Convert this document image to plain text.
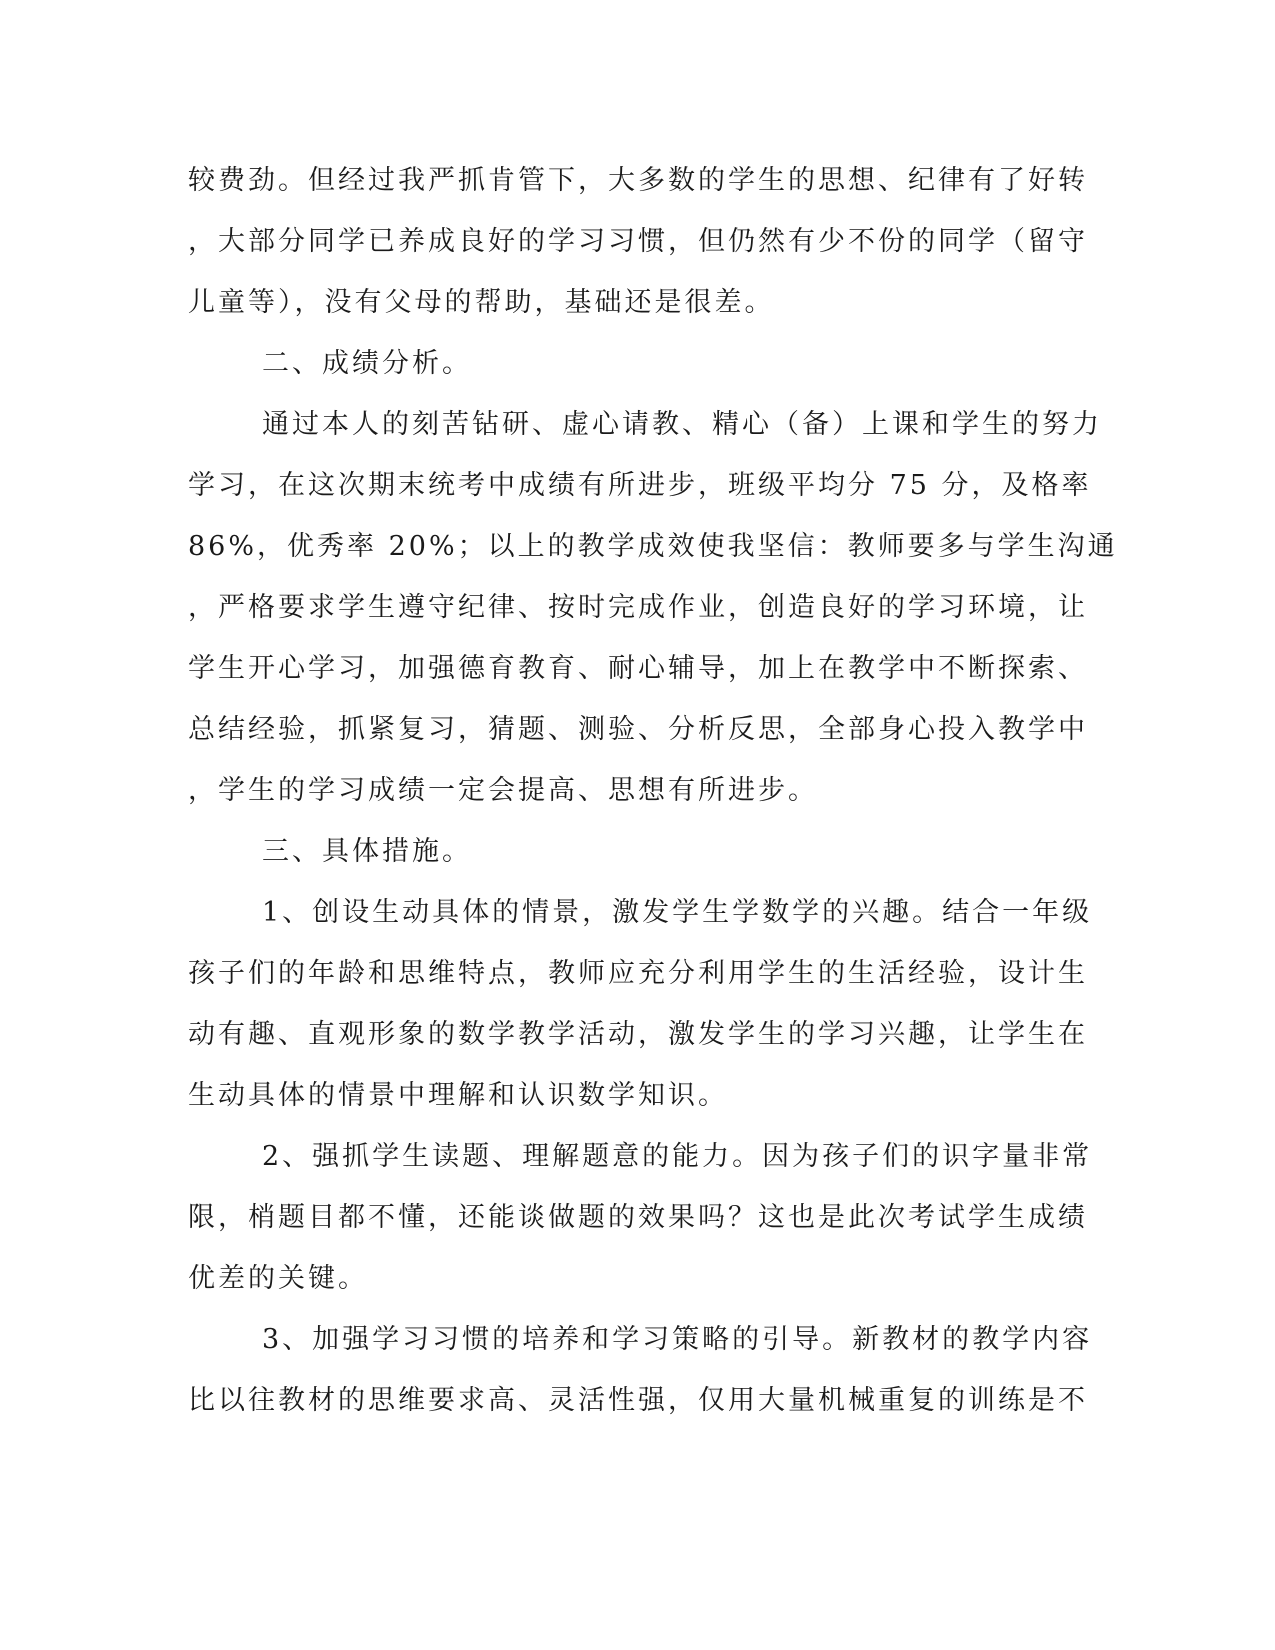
较费劲。但经过我严抓肯管下，大多数的学生的思想、纪律有了好转
，大部分同学已养成良好的学习习惯，但仍然有少不份的同学（留守
儿童等），没有父母的帮助，基础还是很差。
二、成绩分析。
通过本人的刻苦钻研、虚心请教、精心（备）上课和学生的努力
学习，在这次期末统考中成绩有所进步，班级平均分 75 分，及格率
86%，优秀率 20%；以上的教学成效使我坚信：教师要多与学生沟通
，严格要求学生遵守纪律、按时完成作业，创造良好的学习环境，让
学生开心学习，加强德育教育、耐心辅导，加上在教学中不断探索、
总结经验，抓紧复习，猜题、测验、分析反思，全部身心投入教学中
，学生的学习成绩一定会提高、思想有所进步。
三、具体措施。
1、创设生动具体的情景，激发学生学数学的兴趣。结合一年级
孩子们的年龄和思维特点，教师应充分利用学生的生活经验，设计生
动有趣、直观形象的数学教学活动，激发学生的学习兴趣，让学生在
生动具体的情景中理解和认识数学知识。
2、强抓学生读题、理解题意的能力。因为孩子们的识字量非常
限，梢题目都不懂，还能谈做题的效果吗？这也是此次考试学生成绩
优差的关键。
3、加强学习习惯的培养和学习策略的引导。新教材的教学内容
比以往教材的思维要求高、灵活性强，仅用大量机械重复的训练是不
